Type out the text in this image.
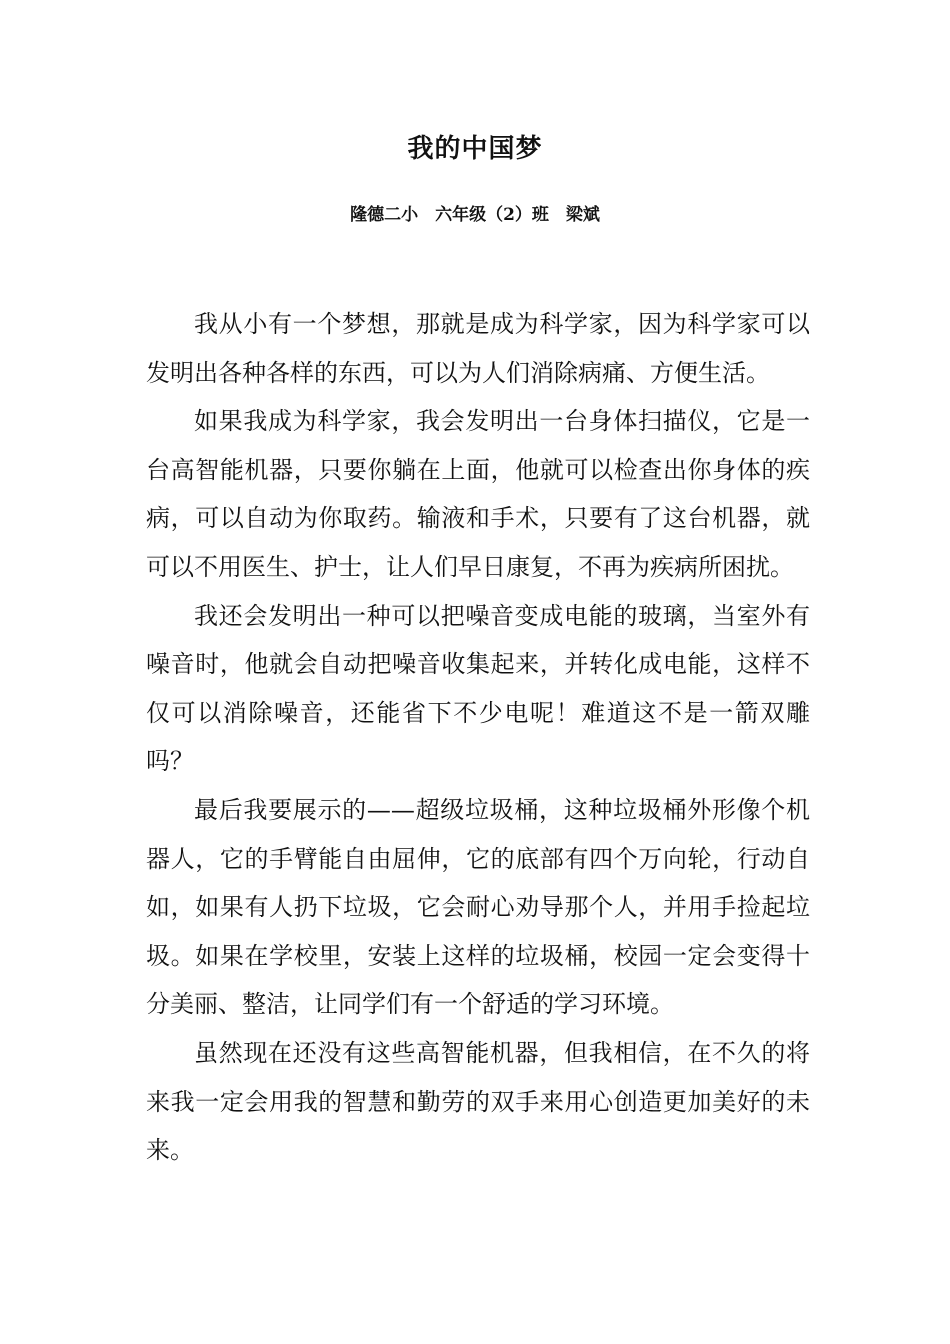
我的中国梦
隆德二小　六年级（2）班　梁斌

我从小有一个梦想，那就是成为科学家，因为科学家可以发明出各种各样的东西，可以为人们消除病痛、方便生活。

如果我成为科学家，我会发明出一台身体扫描仪，它是一台高智能机器，只要你躺在上面，他就可以检查出你身体的疾病，可以自动为你取药。输液和手术，只要有了这台机器，就可以不用医生、护士，让人们早日康复，不再为疾病所困扰。

我还会发明出一种可以把噪音变成电能的玻璃，当室外有噪音时，他就会自动把噪音收集起来，并转化成电能，这样不仅可以消除噪音，还能省下不少电呢！难道这不是一箭双雕吗？

最后我要展示的——超级垃圾桶，这种垃圾桶外形像个机器人，它的手臂能自由屈伸，它的底部有四个万向轮，行动自如，如果有人扔下垃圾，它会耐心劝导那个人，并用手捡起垃圾。如果在学校里，安装上这样的垃圾桶，校园一定会变得十分美丽、整洁，让同学们有一个舒适的学习环境。

虽然现在还没有这些高智能机器，但我相信，在不久的将来我一定会用我的智慧和勤劳的双手来用心创造更加美好的未来。
